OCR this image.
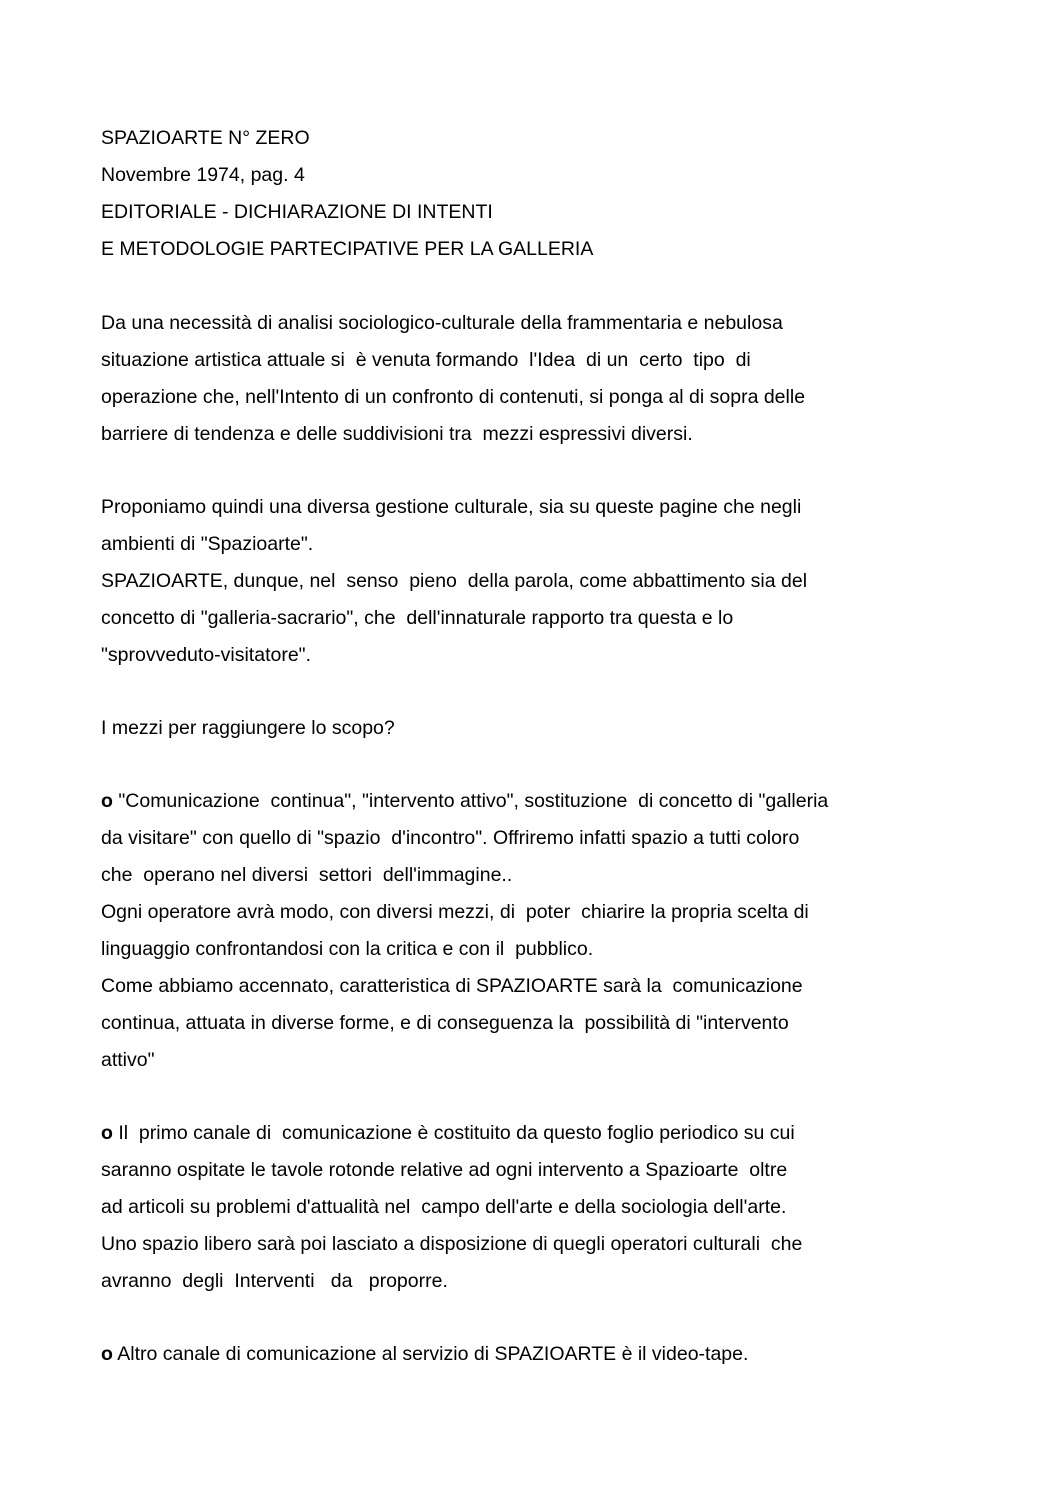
SPAZIOARTE N° ZERO

Novembre 1974, pag. 4

EDITORIALE - DICHIARAZIONE DI INTENTI

E METODOLOGIE PARTECIPATIVE PER LA GALLERIA

Da una necessità di analisi sociologico-culturale della frammentaria e nebulosa

situazione artistica attuale si  è venuta formando  l'Idea  di un  certo  tipo  di

operazione che, nell'Intento di un confronto di contenuti, si ponga al di sopra delle

barriere di tendenza e delle suddivisioni tra  mezzi espressivi diversi.

Proponiamo quindi una diversa gestione culturale, sia su queste pagine che negli

ambienti di "Spazioarte".

SPAZIOARTE, dunque, nel  senso  pieno  della parola, come abbattimento sia del

concetto di "galleria-sacrario", che  dell'innaturale rapporto tra questa e lo

"sprovveduto-visitatore".

I mezzi per raggiungere lo scopo?

o "Comunicazione  continua", "intervento attivo", sostituzione  di concetto di "galleria

da visitare" con quello di "spazio  d'incontro". Offriremo infatti spazio a tutti coloro

che  operano nel diversi  settori  dell'immagine..

Ogni operatore avrà modo, con diversi mezzi, di  poter  chiarire la propria scelta di

linguaggio confrontandosi con la critica e con il  pubblico.

Come abbiamo accennato, caratteristica di SPAZIOARTE sarà la  comunicazione

continua, attuata in diverse forme, e di conseguenza la  possibilità di "intervento

attivo"

o Il  primo canale di  comunicazione è costituito da questo foglio periodico su cui

saranno ospitate le tavole rotonde relative ad ogni intervento a Spazioarte  oltre

ad articoli su problemi d'attualità nel  campo dell'arte e della sociologia dell'arte.

Uno spazio libero sarà poi lasciato a disposizione di quegli operatori culturali  che

avranno  degli  Interventi   da   proporre.

o Altro canale di comunicazione al servizio di SPAZIOARTE è il video-tape.
